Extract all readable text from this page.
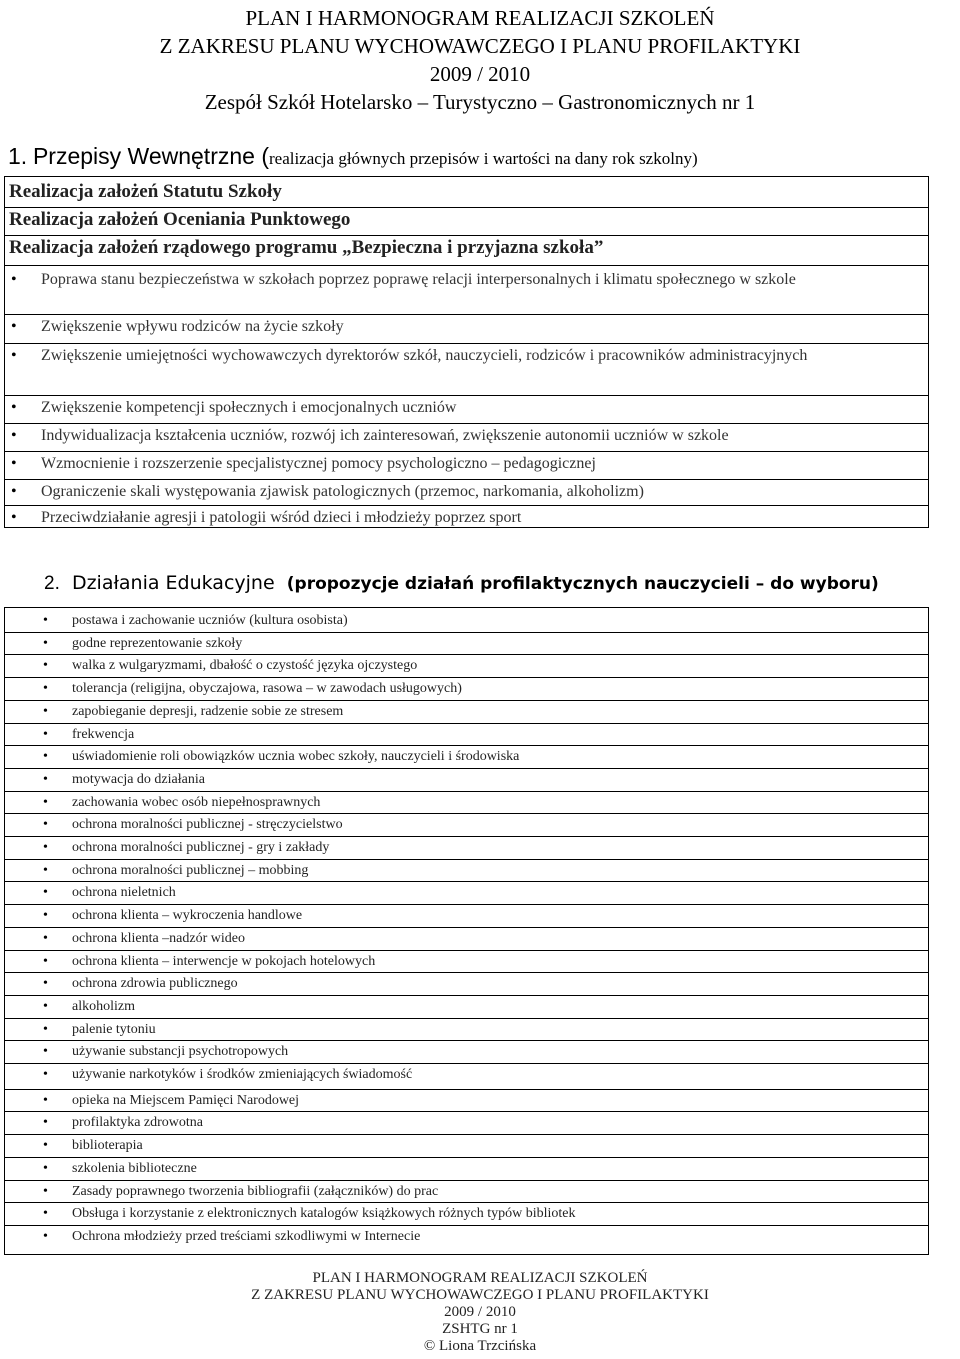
PLAN I HARMONOGRAM REALIZACJI SZKOLEŃ
Z ZAKRESU PLANU WYCHOWAWCZEGO I PLANU PROFILAKTYKI
2009 / 2010
Zespół Szkół Hotelarsko – Turystyczno – Gastronomicznych nr 1
1. Przepisy Wewnętrzne (realizacja głównych przepisów i wartości na dany rok szkolny)
Realizacja założeń Statutu Szkoły
Realizacja założeń Oceniania Punktowego
Realizacja założeń rządowego programu „Bezpieczna i przyjazna szkoła”
• Poprawa stanu bezpieczeństwa w szkołach poprzez poprawę relacji interpersonalnych i klimatu społecznego w szkole
• Zwiększenie wpływu rodziców na życie szkoły
• Zwiększenie umiejętności wychowawczych dyrektorów szkół, nauczycieli, rodziców i pracowników administracyjnych
• Zwiększenie kompetencji społecznych i emocjonalnych uczniów
• Indywidualizacja kształcenia uczniów, rozwój ich zainteresowań, zwiększenie autonomii uczniów w szkole
• Wzmocnienie i rozszerzenie specjalistycznej pomocy psychologiczno – pedagogicznej
• Ograniczenie skali występowania zjawisk patologicznych (przemoc, narkomania, alkoholizm)
• Przeciwdziałanie agresji i patologii wśród dzieci i młodzieży poprzez sport
2. Działania Edukacyjne (propozycje działań profilaktycznych nauczycieli – do wyboru)
• postawa i zachowanie uczniów (kultura osobista)
• godne reprezentowanie szkoły
• walka z wulgaryzmami, dbałość o czystość języka ojczystego
• tolerancja (religijna, obyczajowa, rasowa – w zawodach usługowych)
• zapobieganie depresji, radzenie sobie ze stresem
• frekwencja
• uświadomienie roli obowiązków ucznia wobec szkoły, nauczycieli i środowiska
• motywacja do działania
• zachowania wobec osób niepełnosprawnych
• ochrona moralności publicznej - stręczycielstwo
• ochrona moralności publicznej - gry i zakłady
• ochrona moralności publicznej – mobbing
• ochrona nieletnich
• ochrona klienta – wykroczenia handlowe
• ochrona klienta –nadzór wideo
• ochrona klienta – interwencje w pokojach hotelowych
• ochrona zdrowia publicznego
• alkoholizm
• palenie tytoniu
• używanie substancji psychotropowych
• używanie narkotyków i środków zmieniających świadomość
• opieka na Miejscem Pamięci Narodowej
• profilaktyka zdrowotna
• biblioterapia
• szkolenia biblioteczne
• Zasady poprawnego tworzenia bibliografii (załączników) do prac
• Obsługa i korzystanie z elektronicznych katalogów książkowych różnych typów bibliotek
• Ochrona młodzieży przed treściami szkodliwymi w Internecie
PLAN I HARMONOGRAM REALIZACJI SZKOLEŃ
Z ZAKRESU PLANU WYCHOWAWCZEGO I PLANU PROFILAKTYKI
2009 / 2010
ZSHTG nr 1
© Liona Trzcińska
